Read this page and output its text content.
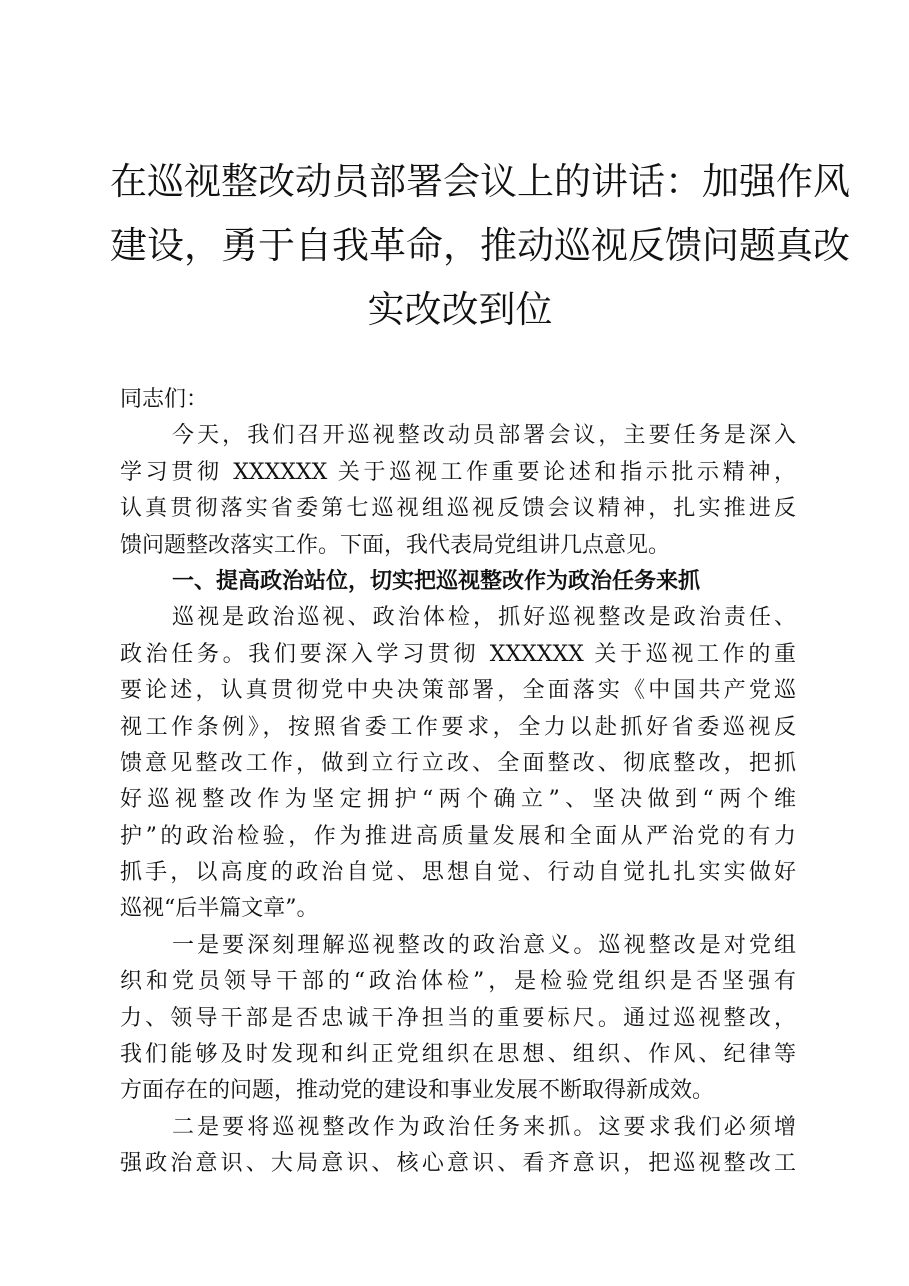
在巡视整改动员部署会议上的讲话：加强作风
建设，勇于自我革命，推动巡视反馈问题真改
实改改到位
同志们：
今天，我们召开巡视整改动员部署会议，主要任务是深入
学习贯彻 XXXXXX 关于巡视工作重要论述和指示批示精神，
认真贯彻落实省委第七巡视组巡视反馈会议精神，扎实推进反
馈问题整改落实工作。下面，我代表局党组讲几点意见。
一、提高政治站位，切实把巡视整改作为政治任务来抓
巡视是政治巡视、政治体检，抓好巡视整改是政治责任、
政治任务。我们要深入学习贯彻 XXXXXX 关于巡视工作的重
要论述，认真贯彻党中央决策部署，全面落实《中国共产党巡
视工作条例》，按照省委工作要求，全力以赴抓好省委巡视反
馈意见整改工作，做到立行立改、全面整改、彻底整改，把抓
好巡视整改作为坚定拥护“两个确立”、坚决做到“两个维
护”的政治检验，作为推进高质量发展和全面从严治党的有力
抓手，以高度的政治自觉、思想自觉、行动自觉扎扎实实做好
巡视“后半篇文章”。
一是要深刻理解巡视整改的政治意义。巡视整改是对党组
织和党员领导干部的“政治体检”，是检验党组织是否坚强有
力、领导干部是否忠诚干净担当的重要标尺。通过巡视整改，
我们能够及时发现和纠正党组织在思想、组织、作风、纪律等
方面存在的问题，推动党的建设和事业发展不断取得新成效。
二是要将巡视整改作为政治任务来抓。这要求我们必须增
强政治意识、大局意识、核心意识、看齐意识，把巡视整改工
